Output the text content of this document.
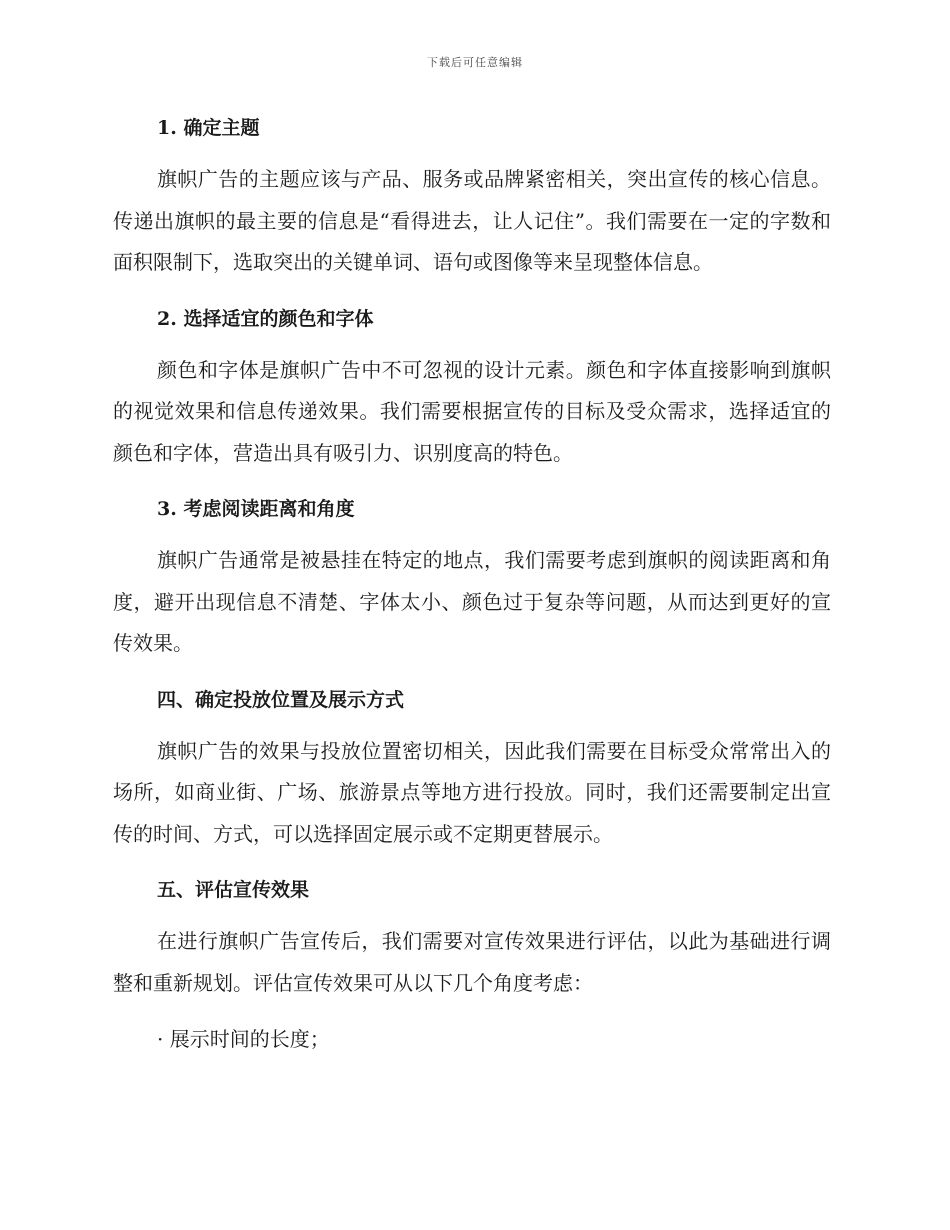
下载后可任意编辑
1. 确定主题

旗帜广告的主题应该与产品、服务或品牌紧密相关，突出宣传的核心信息。传递出旗帜的最主要的信息是“看得进去，让人记住”。我们需要在一定的字数和面积限制下，选取突出的关键单词、语句或图像等来呈现整体信息。

2. 选择适宜的颜色和字体

颜色和字体是旗帜广告中不可忽视的设计元素。颜色和字体直接影响到旗帜的视觉效果和信息传递效果。我们需要根据宣传的目标及受众需求，选择适宜的颜色和字体，营造出具有吸引力、识别度高的特色。

3. 考虑阅读距离和角度

旗帜广告通常是被悬挂在特定的地点，我们需要考虑到旗帜的阅读距离和角度，避开出现信息不清楚、字体太小、颜色过于复杂等问题，从而达到更好的宣传效果。

四、确定投放位置及展示方式

旗帜广告的效果与投放位置密切相关，因此我们需要在目标受众常常出入的场所，如商业街、广场、旅游景点等地方进行投放。同时，我们还需要制定出宣传的时间、方式，可以选择固定展示或不定期更替展示。

五、评估宣传效果

在进行旗帜广告宣传后，我们需要对宣传效果进行评估，以此为基础进行调整和重新规划。评估宣传效果可从以下几个角度考虑：

· 展示时间的长度；
